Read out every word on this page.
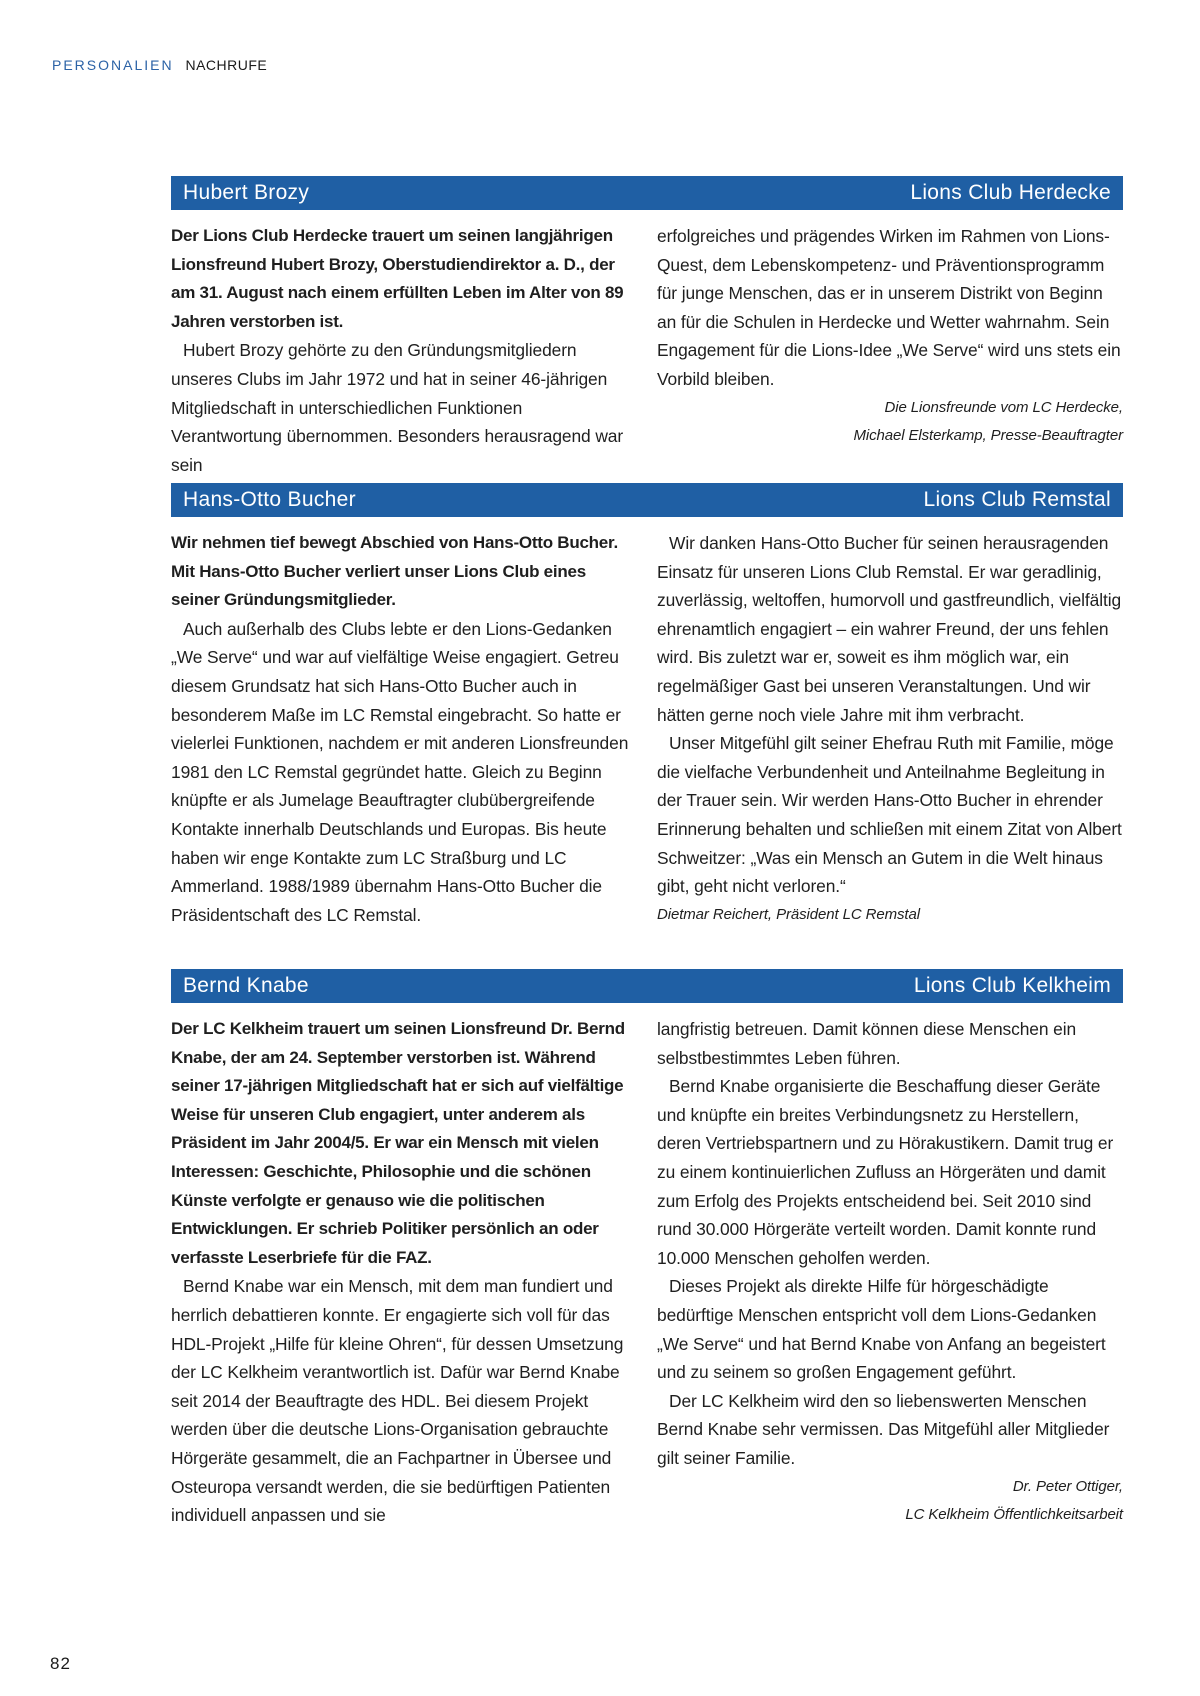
PERSONALIEN NACHRUFE
Hubert Brozy	Lions Club Herdecke

Der Lions Club Herdecke trauert um seinen langjährigen Lionsfreund Hubert Brozy, Oberstudiendirektor a. D., der am 31. August nach einem erfüllten Leben im Alter von 89 Jahren verstorben ist.

Hubert Brozy gehörte zu den Gründungsmitgliedern unseres Clubs im Jahr 1972 und hat in seiner 46-jährigen Mitgliedschaft in unterschiedlichen Funktionen Verantwortung übernommen. Besonders herausragend war sein

erfolgreiches und prägendes Wirken im Rahmen von Lions-Quest, dem Lebenskompetenz- und Präventionsprogramm für junge Menschen, das er in unserem Distrikt von Beginn an für die Schulen in Herdecke und Wetter wahrnahm. Sein Engagement für die Lions-Idee „We Serve“ wird uns stets ein Vorbild bleiben.

Die Lionsfreunde vom LC Herdecke,
Michael Elsterkamp, Presse-Beauftragter
Hans-Otto Bucher	Lions Club Remstal

Wir nehmen tief bewegt Abschied von Hans-Otto Bucher. Mit Hans-Otto Bucher verliert unser Lions Club eines seiner Gründungsmitglieder.

Auch außerhalb des Clubs lebte er den Lions-Gedanken „We Serve“ und war auf vielfältige Weise engagiert. Getreu diesem Grundsatz hat sich Hans-Otto Bucher auch in besonderem Maße im LC Remstal eingebracht. So hatte er vielerlei Funktionen, nachdem er mit anderen Lionsfreunden 1981 den LC Remstal gegründet hatte. Gleich zu Beginn knüpfte er als Jumelage Beauftragter clubübergreifende Kontakte innerhalb Deutschlands und Europas. Bis heute haben wir enge Kontakte zum LC Straßburg und LC Ammerland. 1988/1989 übernahm Hans-Otto Bucher die Präsidentschaft des LC Remstal.

Wir danken Hans-Otto Bucher für seinen herausragenden Einsatz für unseren Lions Club Remstal. Er war geradlinig, zuverlässig, weltoffen, humorvoll und gastfreundlich, vielfältig ehrenamtlich engagiert – ein wahrer Freund, der uns fehlen wird. Bis zuletzt war er, soweit es ihm möglich war, ein regelmäßiger Gast bei unseren Veranstaltungen. Und wir hätten gerne noch viele Jahre mit ihm verbracht.

Unser Mitgefühl gilt seiner Ehefrau Ruth mit Familie, möge die vielfache Verbundenheit und Anteilnahme Begleitung in der Trauer sein. Wir werden Hans-Otto Bucher in ehrender Erinnerung behalten und schließen mit einem Zitat von Albert Schweitzer: „Was ein Mensch an Gutem in die Welt hinaus gibt, geht nicht verloren.“

Dietmar Reichert, Präsident LC Remstal
Bernd Knabe	Lions Club Kelkheim

Der LC Kelkheim trauert um seinen Lionsfreund Dr. Bernd Knabe, der am 24. September verstorben ist. Während seiner 17-jährigen Mitgliedschaft hat er sich auf vielfältige Weise für unseren Club engagiert, unter anderem als Präsident im Jahr 2004/5. Er war ein Mensch mit vielen Interessen: Geschichte, Philosophie und die schönen Künste verfolgte er genauso wie die politischen Entwicklungen. Er schrieb Politiker persönlich an oder verfasste Leserbriefe für die FAZ.

Bernd Knabe war ein Mensch, mit dem man fundiert und herrlich debattieren konnte. Er engagierte sich voll für das HDL-Projekt „Hilfe für kleine Ohren“, für dessen Umsetzung der LC Kelkheim verantwortlich ist. Dafür war Bernd Knabe seit 2014 der Beauftragte des HDL. Bei diesem Projekt werden über die deutsche Lions-Organisation gebrauchte Hörgeräte gesammelt, die an Fachpartner in Übersee und Osteuropa versandt werden, die sie bedürftigen Patienten individuell anpassen und sie

langfristig betreuen. Damit können diese Menschen ein selbstbestimmtes Leben führen.

Bernd Knabe organisierte die Beschaffung dieser Geräte und knüpfte ein breites Verbindungsnetz zu Herstellern, deren Vertriebspartnern und zu Hörakustikern. Damit trug er zu einem kontinuierlichen Zufluss an Hörgeräten und damit zum Erfolg des Projekts entscheidend bei. Seit 2010 sind rund 30.000 Hörgeräte verteilt worden. Damit konnte rund 10.000 Menschen geholfen werden.

Dieses Projekt als direkte Hilfe für hörgeschädigte bedürftige Menschen entspricht voll dem Lions-Gedanken „We Serve“ und hat Bernd Knabe von Anfang an begeistert und zu seinem so großen Engagement geführt.

Der LC Kelkheim wird den so liebenswerten Menschen Bernd Knabe sehr vermissen. Das Mitgefühl aller Mitglieder gilt seiner Familie.

Dr. Peter Ottiger,
LC Kelkheim Öffentlichkeitsarbeit
82
